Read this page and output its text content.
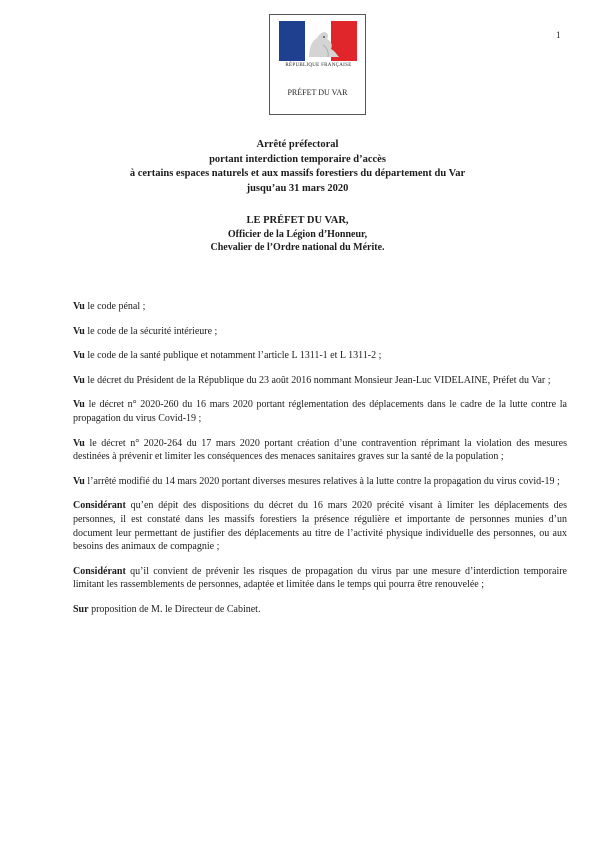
1
RÉPUBLIQUE FRANÇAISE
PRÉFET DU VAR
Arrêté préfectoral
portant interdiction temporaire d’accès
à certains espaces naturels et aux massifs forestiers du département du Var
jusqu’au 31 mars 2020
LE PRÉFET DU VAR,
Officier de la Légion d’Honneur,
Chevalier de l’Ordre national du Mérite.

Vu le code pénal ;

Vu le code de la sécurité intérieure ;

Vu le code de la santé publique et notamment l’article L 1311-1 et L 1311-2 ;

Vu le décret du Président de la République du 23 août 2016 nommant Monsieur Jean-Luc VIDELAINE, Préfet du Var ;

Vu le décret n° 2020-260 du 16 mars 2020 portant réglementation des déplacements dans le cadre de la lutte contre la propagation du virus Covid-19 ;

Vu le décret n° 2020-264 du 17 mars 2020 portant création d’une contravention réprimant la violation des mesures destinées à prévenir et limiter les conséquences des menaces sanitaires graves sur la santé de la population ;

Vu l’arrêté modifié du 14 mars 2020 portant diverses mesures relatives à la lutte contre la propagation du virus covid-19 ;

Considérant qu’en dépit des dispositions du décret du 16 mars 2020 précité visant à limiter les déplacements des personnes, il est constaté dans les massifs forestiers la présence régulière et importante de personnes munies d’un document leur permettant de justifier des déplacements au titre de l’activité physique individuelle des personnes, ou aux besoins des animaux de compagnie ;

Considérant qu’il convient de prévenir les risques de propagation du virus par une mesure d’interdiction temporaire limitant les rassemblements de personnes, adaptée et limitée dans le temps qui pourra être renouvelée ;

Sur proposition de M. le Directeur de Cabinet.
